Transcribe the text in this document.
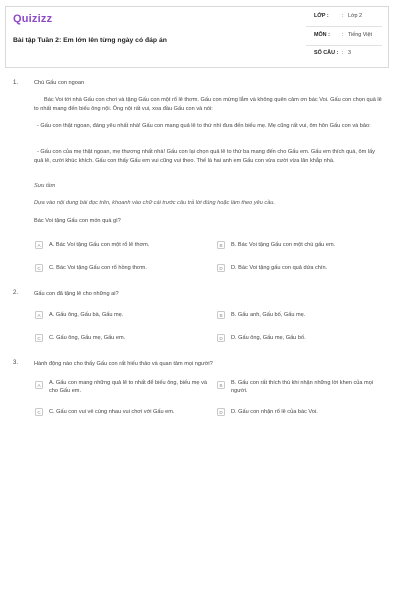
Quizizz
Bài tập Tuần 2: Em lớn lên từng ngày có đáp án
LỚP : : Lớp 2
MÔN : : Tiếng Việt
SỐ CÂU : : 3
1.	Chú Gấu con ngoan
Bác Voi tới nhà Gấu con chơi và tặng Gấu con một rổ lê thơm. Gấu con mừng lắm và không quên cảm ơn bác Voi. Gấu con chọn quả lê to nhất mang đến biếu ông nội. Ông nội rất vui, xoa đầu Gấu con và nói:
- Gấu con thật ngoan, đáng yêu nhất nhà! Gấu con mang quả lê to thứ nhì đưa đến biếu mẹ. Mẹ cũng rất vui, ôm hôn Gấu con và bảo:
- Gấu con của mẹ thật ngoan, mẹ thương nhất nhà! Gấu con lại chọn quả lê to thứ ba mang đến cho Gấu em. Gấu em thích quá, ôm lấy quả lê, cười khúc khích. Gấu con thấy Gấu em vui cũng vui theo. Thế là hai anh em Gấu con vừa cười vừa lăn khắp nhà.
Sưu tầm
Dựa vào nội dung bài đọc trên, khoanh vào chữ cái trước câu trả lời đúng hoặc làm theo yêu cầu.
Bác Voi tặng Gấu con món quà gì?
A	A. Bác Voi tặng Gấu con một rổ lê thơm.	B	B. Bác Voi tặng Gấu con một chú gấu em.
C	C. Bác Voi tặng Gấu con rổ hồng thơm.	D	D. Bác Voi tặng gấu con quả dứa chín.
2.	Gấu con đã tặng lê cho những ai?
A	A. Gấu ông, Gấu bà, Gấu mẹ.	B	B. Gấu anh, Gấu bố, Gấu mẹ.
C	C. Gấu ông, Gấu mẹ, Gấu em.	D	D. Gấu ông, Gấu mẹ, Gấu bố.
3.	Hành động nào cho thấy Gấu con rất hiếu thảo và quan tâm mọi người?
A	A. Gấu con mang những quả lê to nhất để biếu ông, biếu mẹ và cho Gấu em.
B	B. Gấu con rất thích thú khi nhận những lời khen của mọi người.
C	C. Gấu con vui vẻ cùng nhau vui chơi với Gấu em.	D	D. Gấu con nhận rổ lê của bác Voi.
